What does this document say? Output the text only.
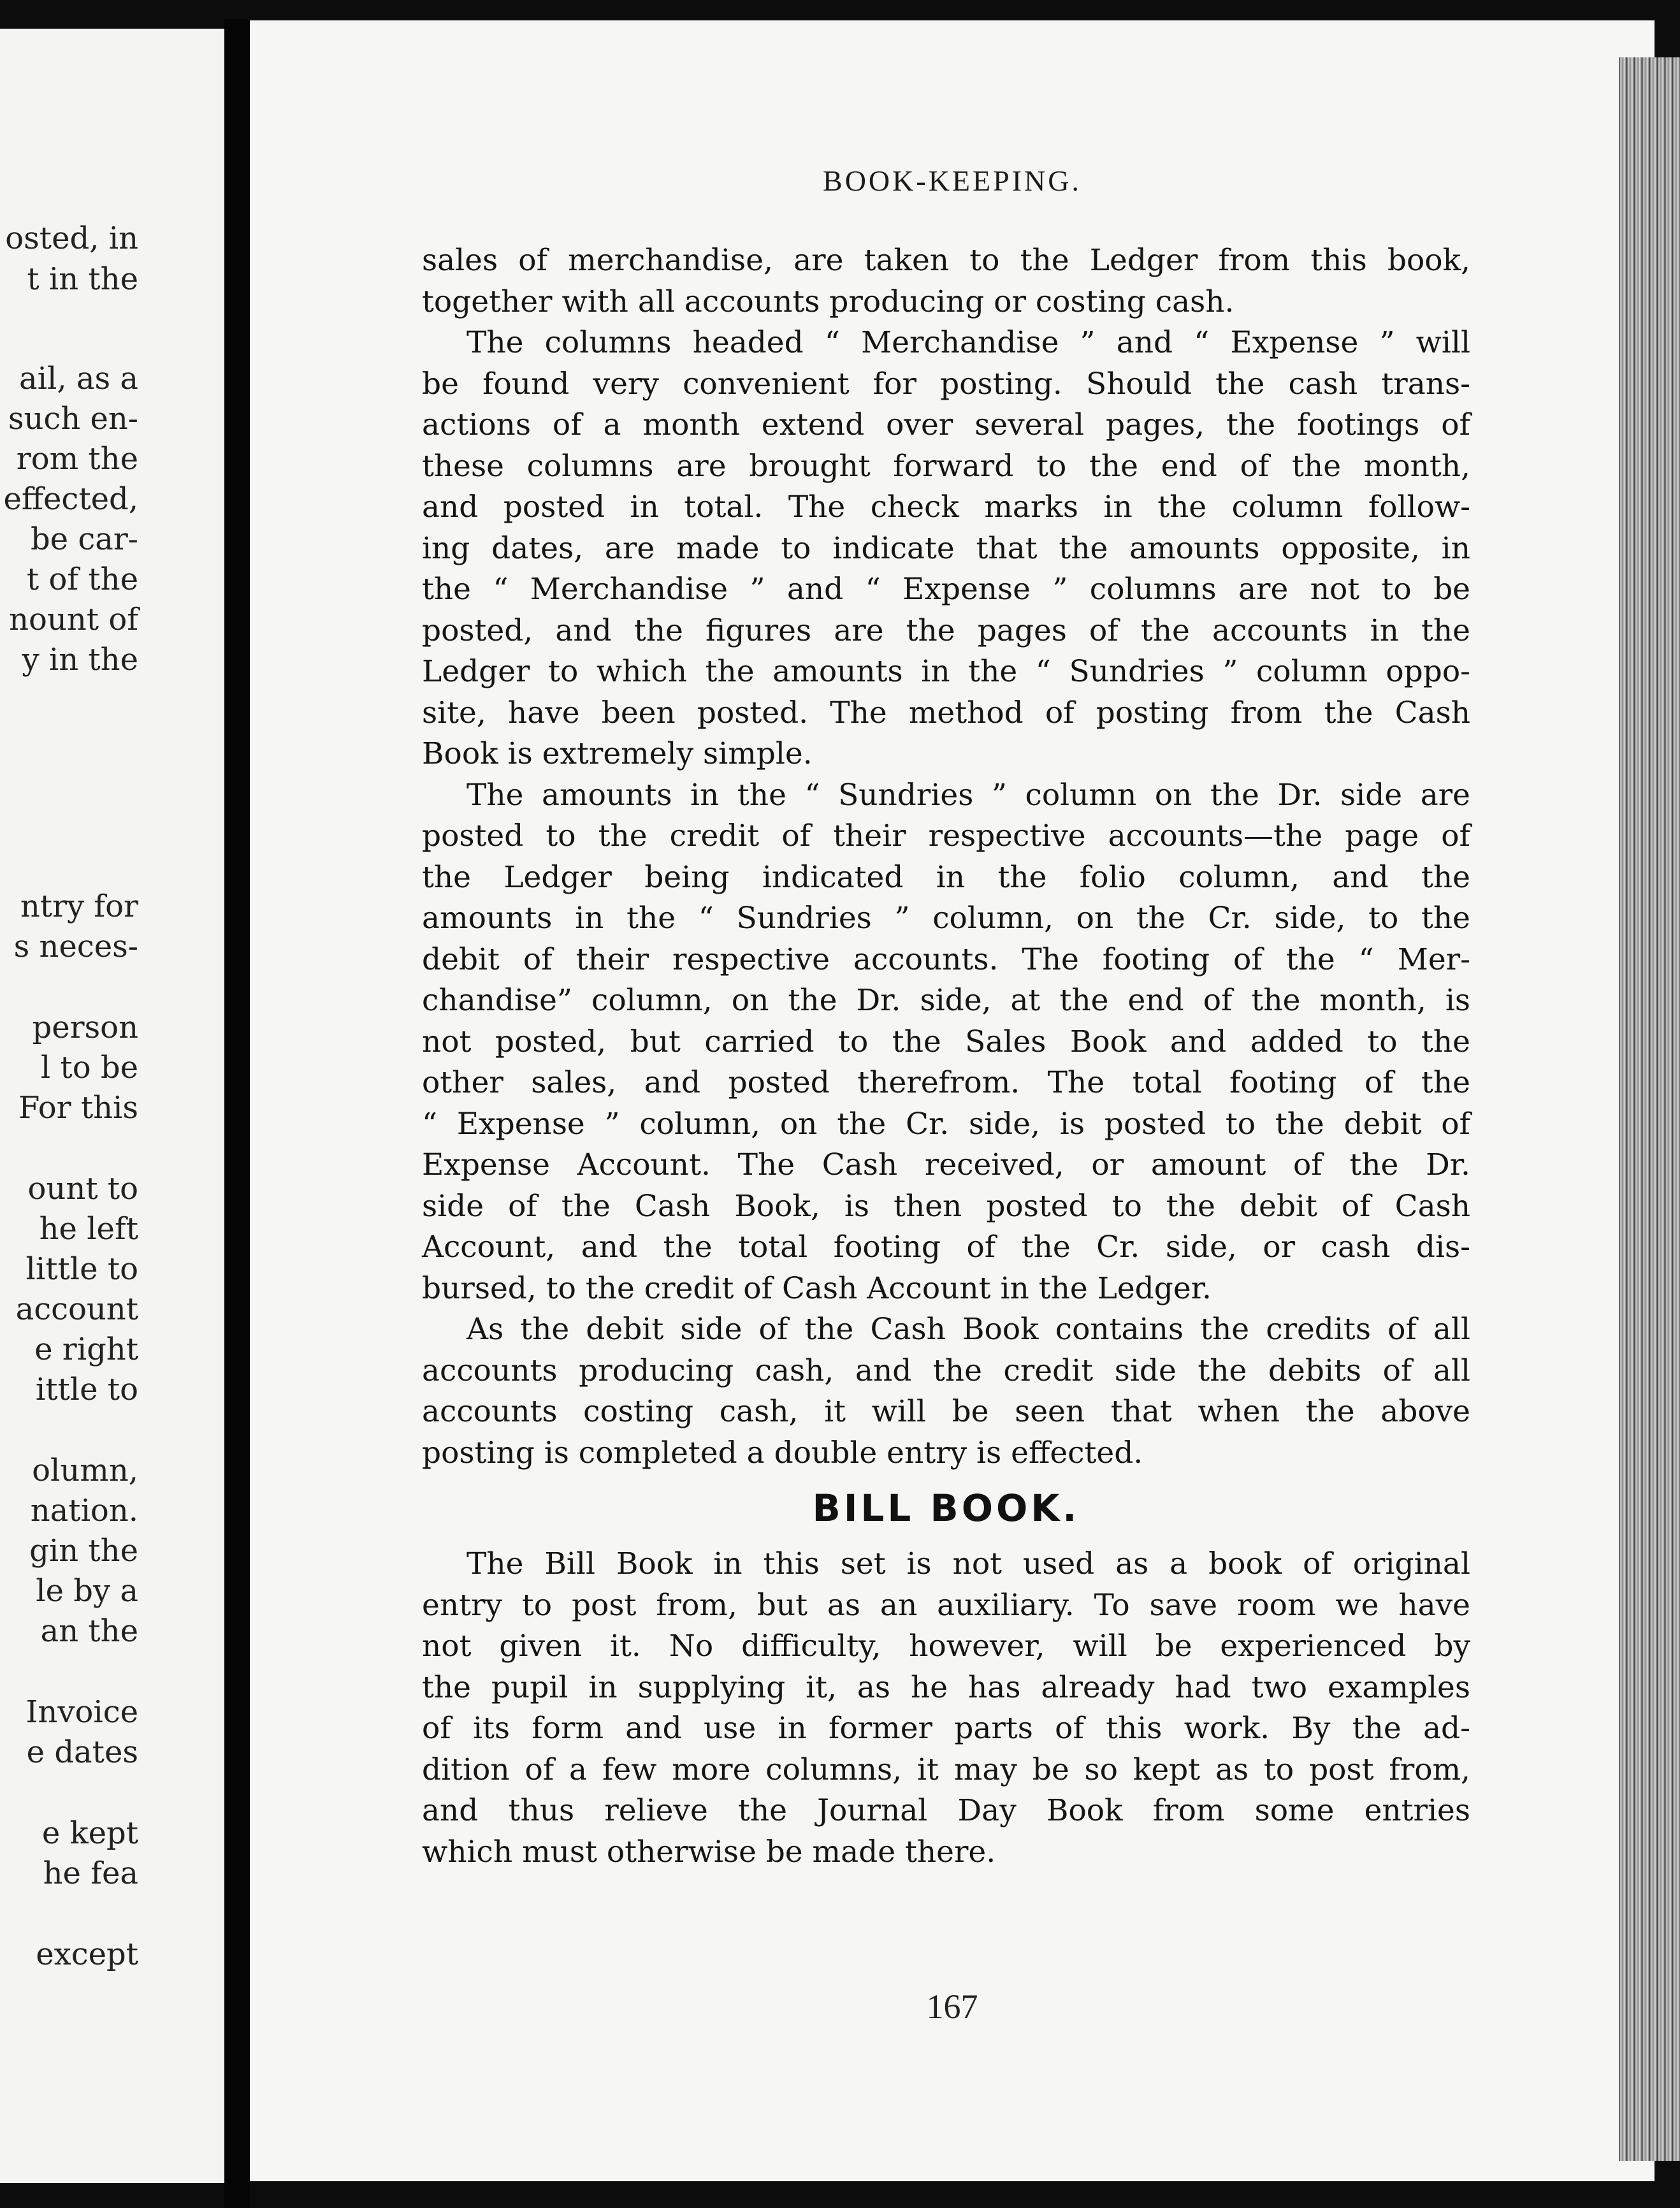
osted, in
t in the
ail, as a
such en-
rom the
effected,
be car-
t of the
nount of
y in the
ntry for
s neces-
person
l to be
For this
ount to
he left
little to
account
e right
ittle to
olumn,
nation.
gin the
le by a
an the
Invoice
e dates
e kept
he fea
except
BOOK-KEEPING.
sales of merchandise, are taken to the Ledger from this book,
together with all accounts producing or costing cash.
The columns headed “ Merchandise ” and “ Expense ” will
be found very convenient for posting. Should the cash trans-
actions of a month extend over several pages, the footings of
these columns are brought forward to the end of the month,
and posted in total. The check marks in the column follow-
ing dates, are made to indicate that the amounts opposite, in
the “ Merchandise ” and “ Expense ” columns are not to be
posted, and the figures are the pages of the accounts in the
Ledger to which the amounts in the “ Sundries ” column oppo-
site, have been posted. The method of posting from the Cash
Book is extremely simple.
The amounts in the “ Sundries ” column on the Dr. side are
posted to the credit of their respective accounts—the page of
the Ledger being indicated in the folio column, and the
amounts in the “ Sundries ” column, on the Cr. side, to the
debit of their respective accounts. The footing of the “ Mer-
chandise” column, on the Dr. side, at the end of the month, is
not posted, but carried to the Sales Book and added to the
other sales, and posted therefrom. The total footing of the
“ Expense ” column, on the Cr. side, is posted to the debit of
Expense Account. The Cash received, or amount of the Dr.
side of the Cash Book, is then posted to the debit of Cash
Account, and the total footing of the Cr. side, or cash dis-
bursed, to the credit of Cash Account in the Ledger.
As the debit side of the Cash Book contains the credits of all
accounts producing cash, and the credit side the debits of all
accounts costing cash, it will be seen that when the above
posting is completed a double entry is effected.
BILL BOOK.
The Bill Book in this set is not used as a book of original
entry to post from, but as an auxiliary. To save room we have
not given it. No difficulty, however, will be experienced by
the pupil in supplying it, as he has already had two examples
of its form and use in former parts of this work. By the ad-
dition of a few more columns, it may be so kept as to post from,
and thus relieve the Journal Day Book from some entries
which must otherwise be made there.
167
